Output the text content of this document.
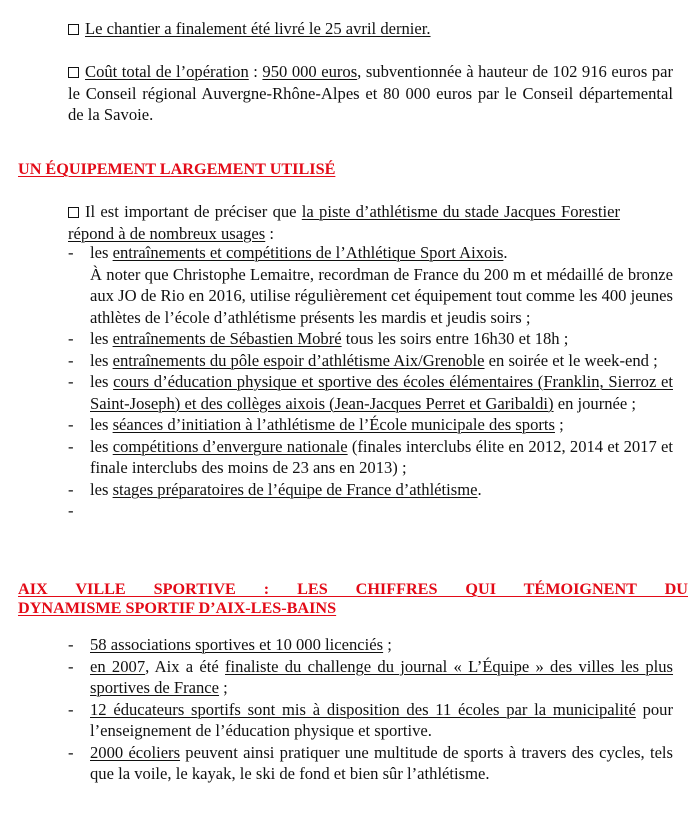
Le chantier a finalement été livré le 25 avril dernier.

Coût total de l’opération : 950 000 euros, subventionnée à hauteur de 102 916 euros par le Conseil régional Auvergne-Rhône-Alpes et 80 000 euros par le Conseil départemental de la Savoie.

UN ÉQUIPEMENT LARGEMENT UTILISÉ

Il est important de préciser que la piste d’athlétisme du stade Jacques Forestier répond à de nombreux usages :

- les entraînements et compétitions de l’Athlétique Sport Aixois.
À noter que Christophe Lemaitre, recordman de France du 200 m et médaillé de bronze aux JO de Rio en 2016, utilise régulièrement cet équipement tout comme les 400 jeunes athlètes de l’école d’athlétisme présents les mardis et jeudis soirs ;
- les entraînements de Sébastien Mobré tous les soirs entre 16h30 et 18h ;
- les entraînements du pôle espoir d’athlétisme Aix/Grenoble en soirée et le week-end ;
- les cours d’éducation physique et sportive des écoles élémentaires (Franklin, Sierroz et Saint-Joseph) et des collèges aixois (Jean-Jacques Perret et Garibaldi) en journée ;
- les séances d’initiation à l’athlétisme de l’École municipale des sports ;
- les compétitions d’envergure nationale (finales interclubs élite en 2012, 2014 et 2017 et finale interclubs des moins de 23 ans en 2013) ;
- les stages préparatoires de l’équipe de France d’athlétisme.
-

AIX VILLE SPORTIVE : LES CHIFFRES QUI TÉMOIGNENT DU
DYNAMISME SPORTIF D’AIX-LES-BAINS
- 58 associations sportives et 10 000 licenciés ;
- en 2007, Aix a été finaliste du challenge du journal « L’Équipe » des villes les plus sportives de France ;
- 12 éducateurs sportifs sont mis à disposition des 11 écoles par la municipalité pour l’enseignement de l’éducation physique et sportive.
- 2000 écoliers peuvent ainsi pratiquer une multitude de sports à travers des cycles, tels que la voile, le kayak, le ski de fond et bien sûr l’athlétisme.
